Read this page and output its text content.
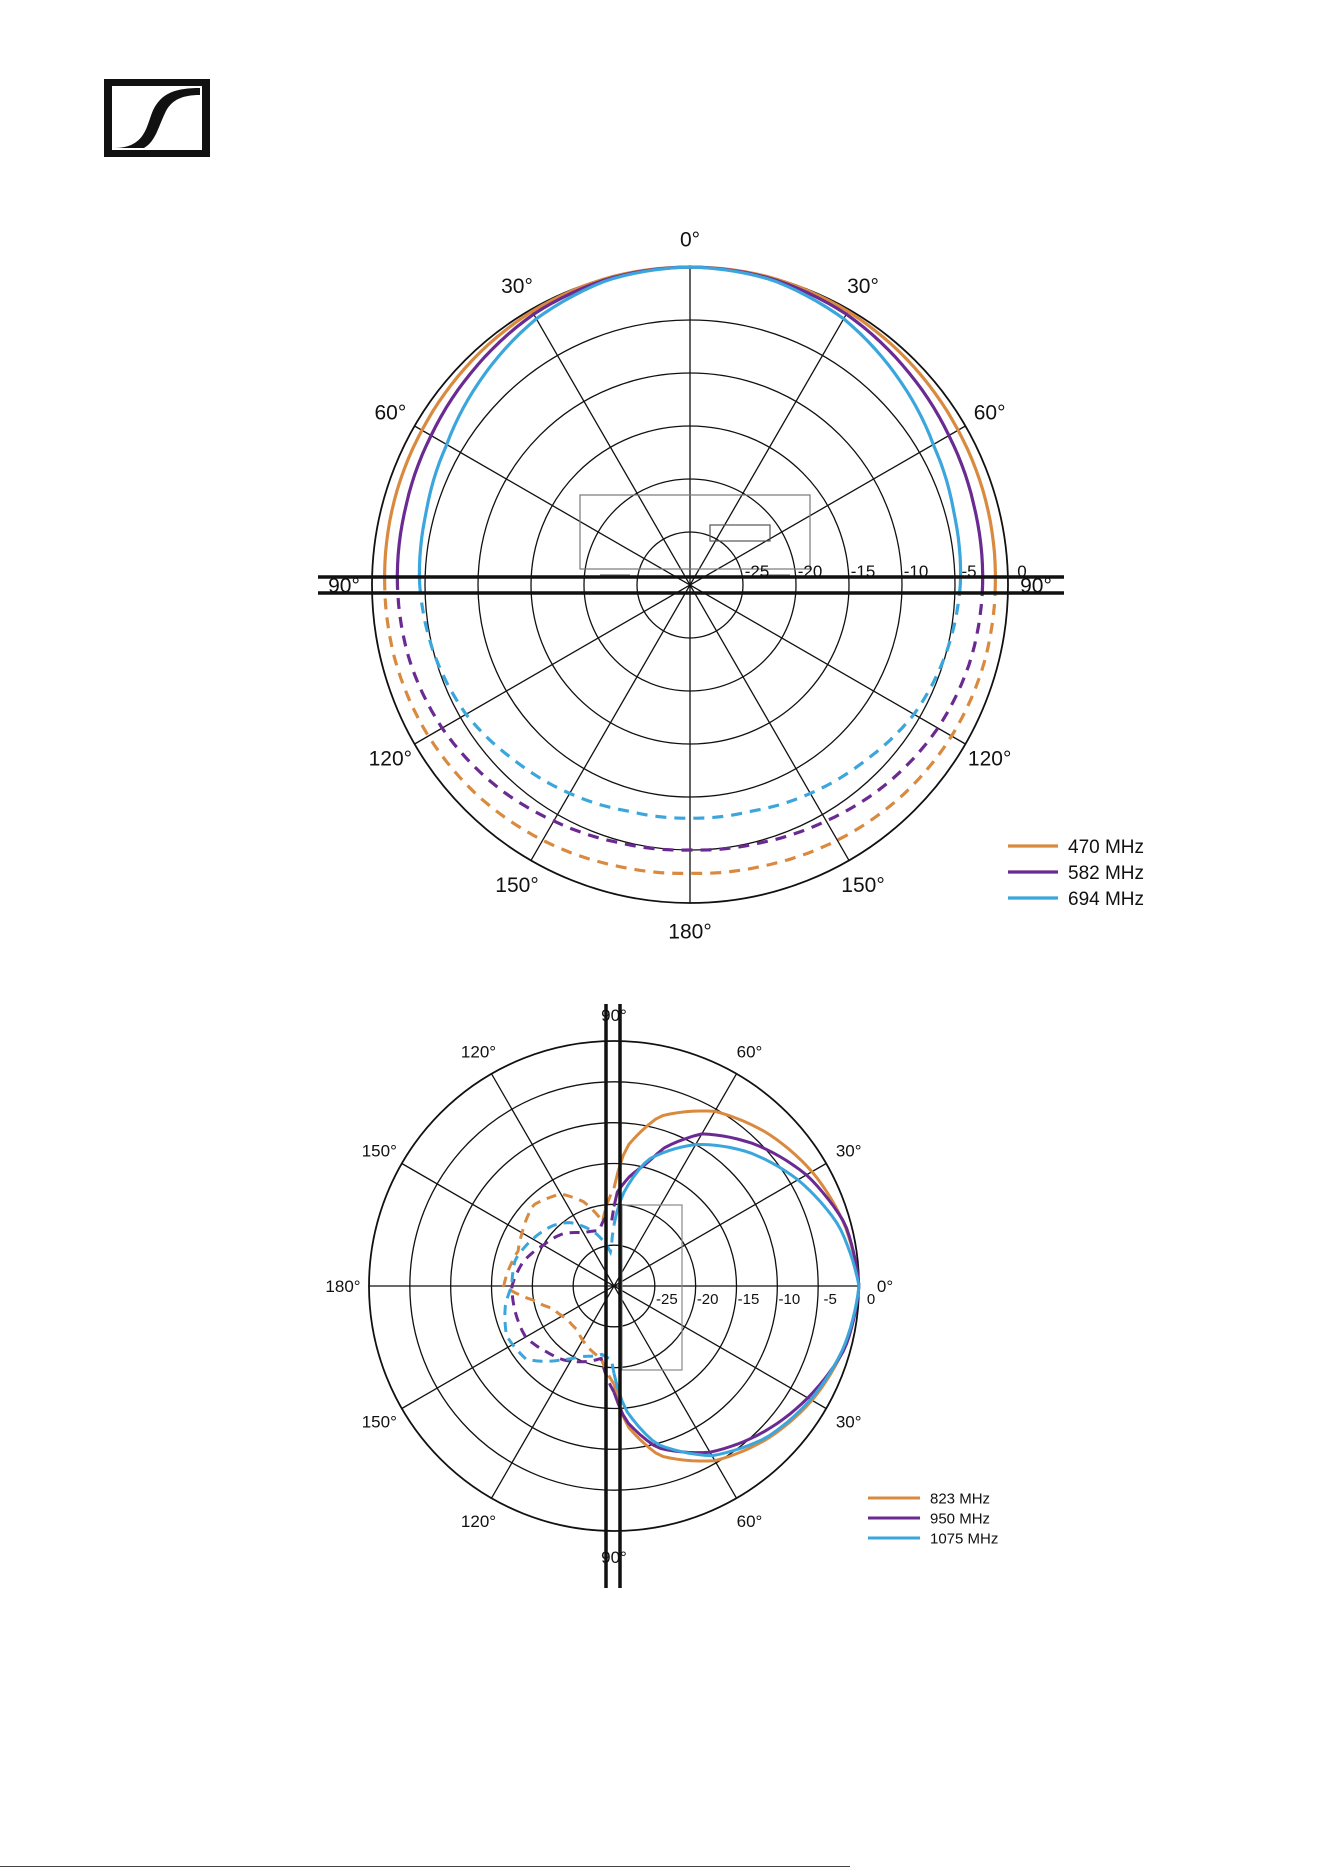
0°
30°	30°
60°	60°
90°	90°
120°	120°
150°	150°
180°
-25 -20 -15 -10 -5 0
470 MHz
582 MHz
694 MHz
0°
30°
30°
60°
60°
90°
90°
120°
120°
150°
150°
180°
-25 -20 -15 -10 -5 0
823 MHz
950 MHz
1075 MHz
